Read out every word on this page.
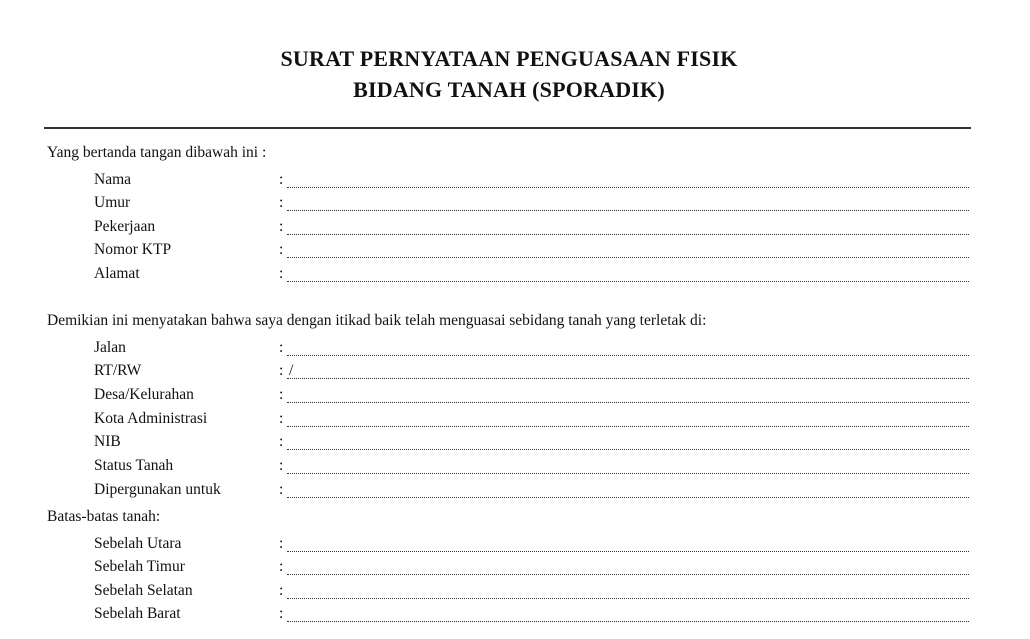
SURAT PERNYATAAN PENGUASAAN FISIK
BIDANG TANAH (SPORADIK)
Yang bertanda tangan dibawah ini :
Nama	:
Umur	:
Pekerjaan	:
Nomor KTP	:
Alamat	:
Demikian ini menyatakan bahwa saya dengan itikad baik telah menguasai sebidang tanah yang terletak di:
Jalan	:
RT/RW	: /
Desa/Kelurahan	:
Kota Administrasi	:
NIB	:
Status Tanah	:
Dipergunakan untuk	:
Batas-batas tanah:
Sebelah Utara	:
Sebelah Timur	:
Sebelah Selatan	:
Sebelah Barat	:
